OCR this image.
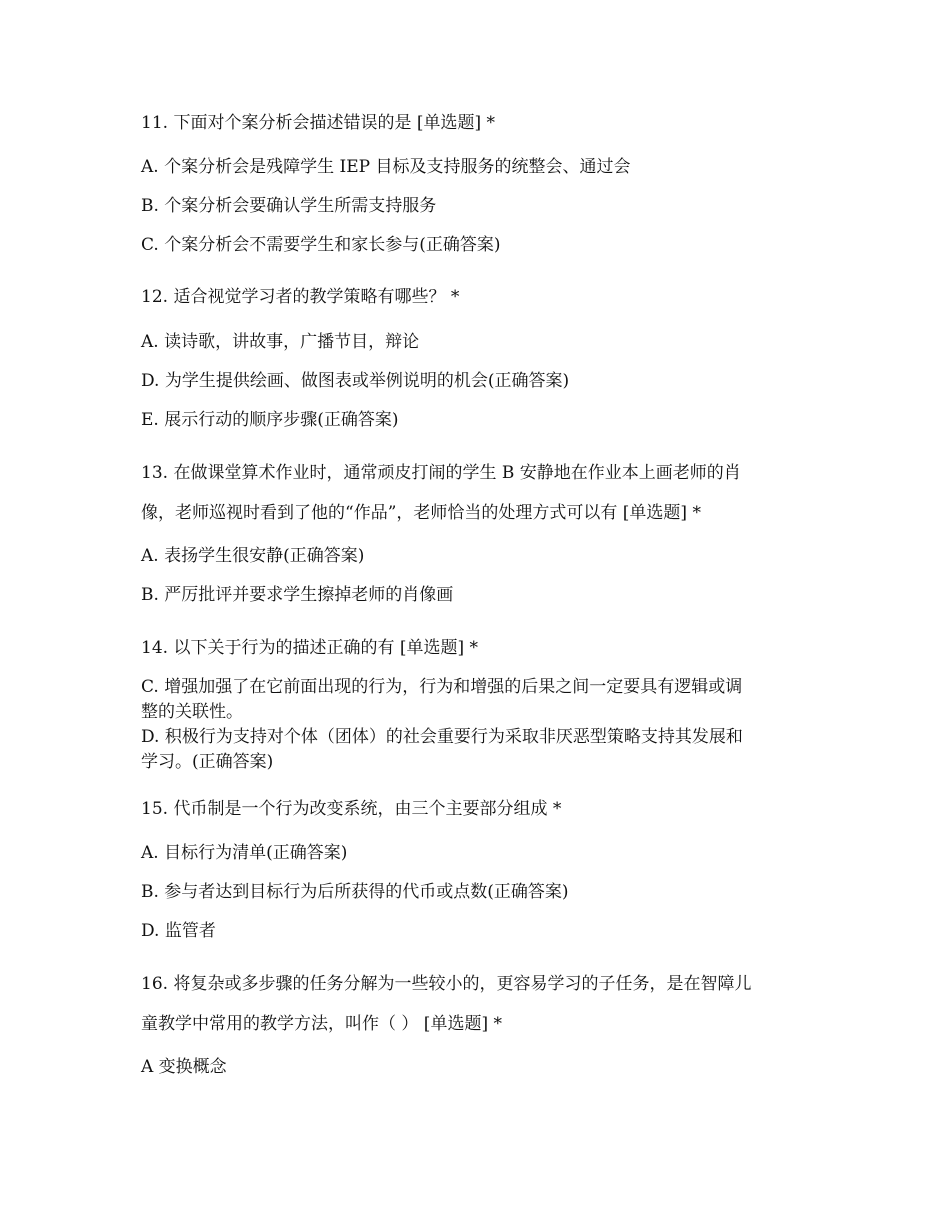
11. 下面对个案分析会描述错误的是 [单选题] *
A. 个案分析会是残障学生 IEP 目标及支持服务的统整会、通过会
B. 个案分析会要确认学生所需支持服务
C. 个案分析会不需要学生和家长参与(正确答案)
12. 适合视觉学习者的教学策略有哪些？ *
A. 读诗歌，讲故事，广播节目，辩论
D. 为学生提供绘画、做图表或举例说明的机会(正确答案)
E. 展示行动的顺序步骤(正确答案)
13. 在做课堂算术作业时，通常顽皮打闹的学生 B 安静地在作业本上画老师的肖
像，老师巡视时看到了他的“作品”，老师恰当的处理方式可以有 [单选题] *
A. 表扬学生很安静(正确答案)
B. 严厉批评并要求学生擦掉老师的肖像画
14. 以下关于行为的描述正确的有 [单选题] *
C. 增强加强了在它前面出现的行为，行为和增强的后果之间一定要具有逻辑或调
整的关联性。
D. 积极行为支持对个体（团体）的社会重要行为采取非厌恶型策略支持其发展和
学习。(正确答案)
15. 代币制是一个行为改变系统，由三个主要部分组成 *
A. 目标行为清单(正确答案)
B. 参与者达到目标行为后所获得的代币或点数(正确答案)
D. 监管者
16. 将复杂或多步骤的任务分解为一些较小的，更容易学习的子任务，是在智障儿
童教学中常用的教学方法，叫作（ ） [单选题] *
A 变换概念
